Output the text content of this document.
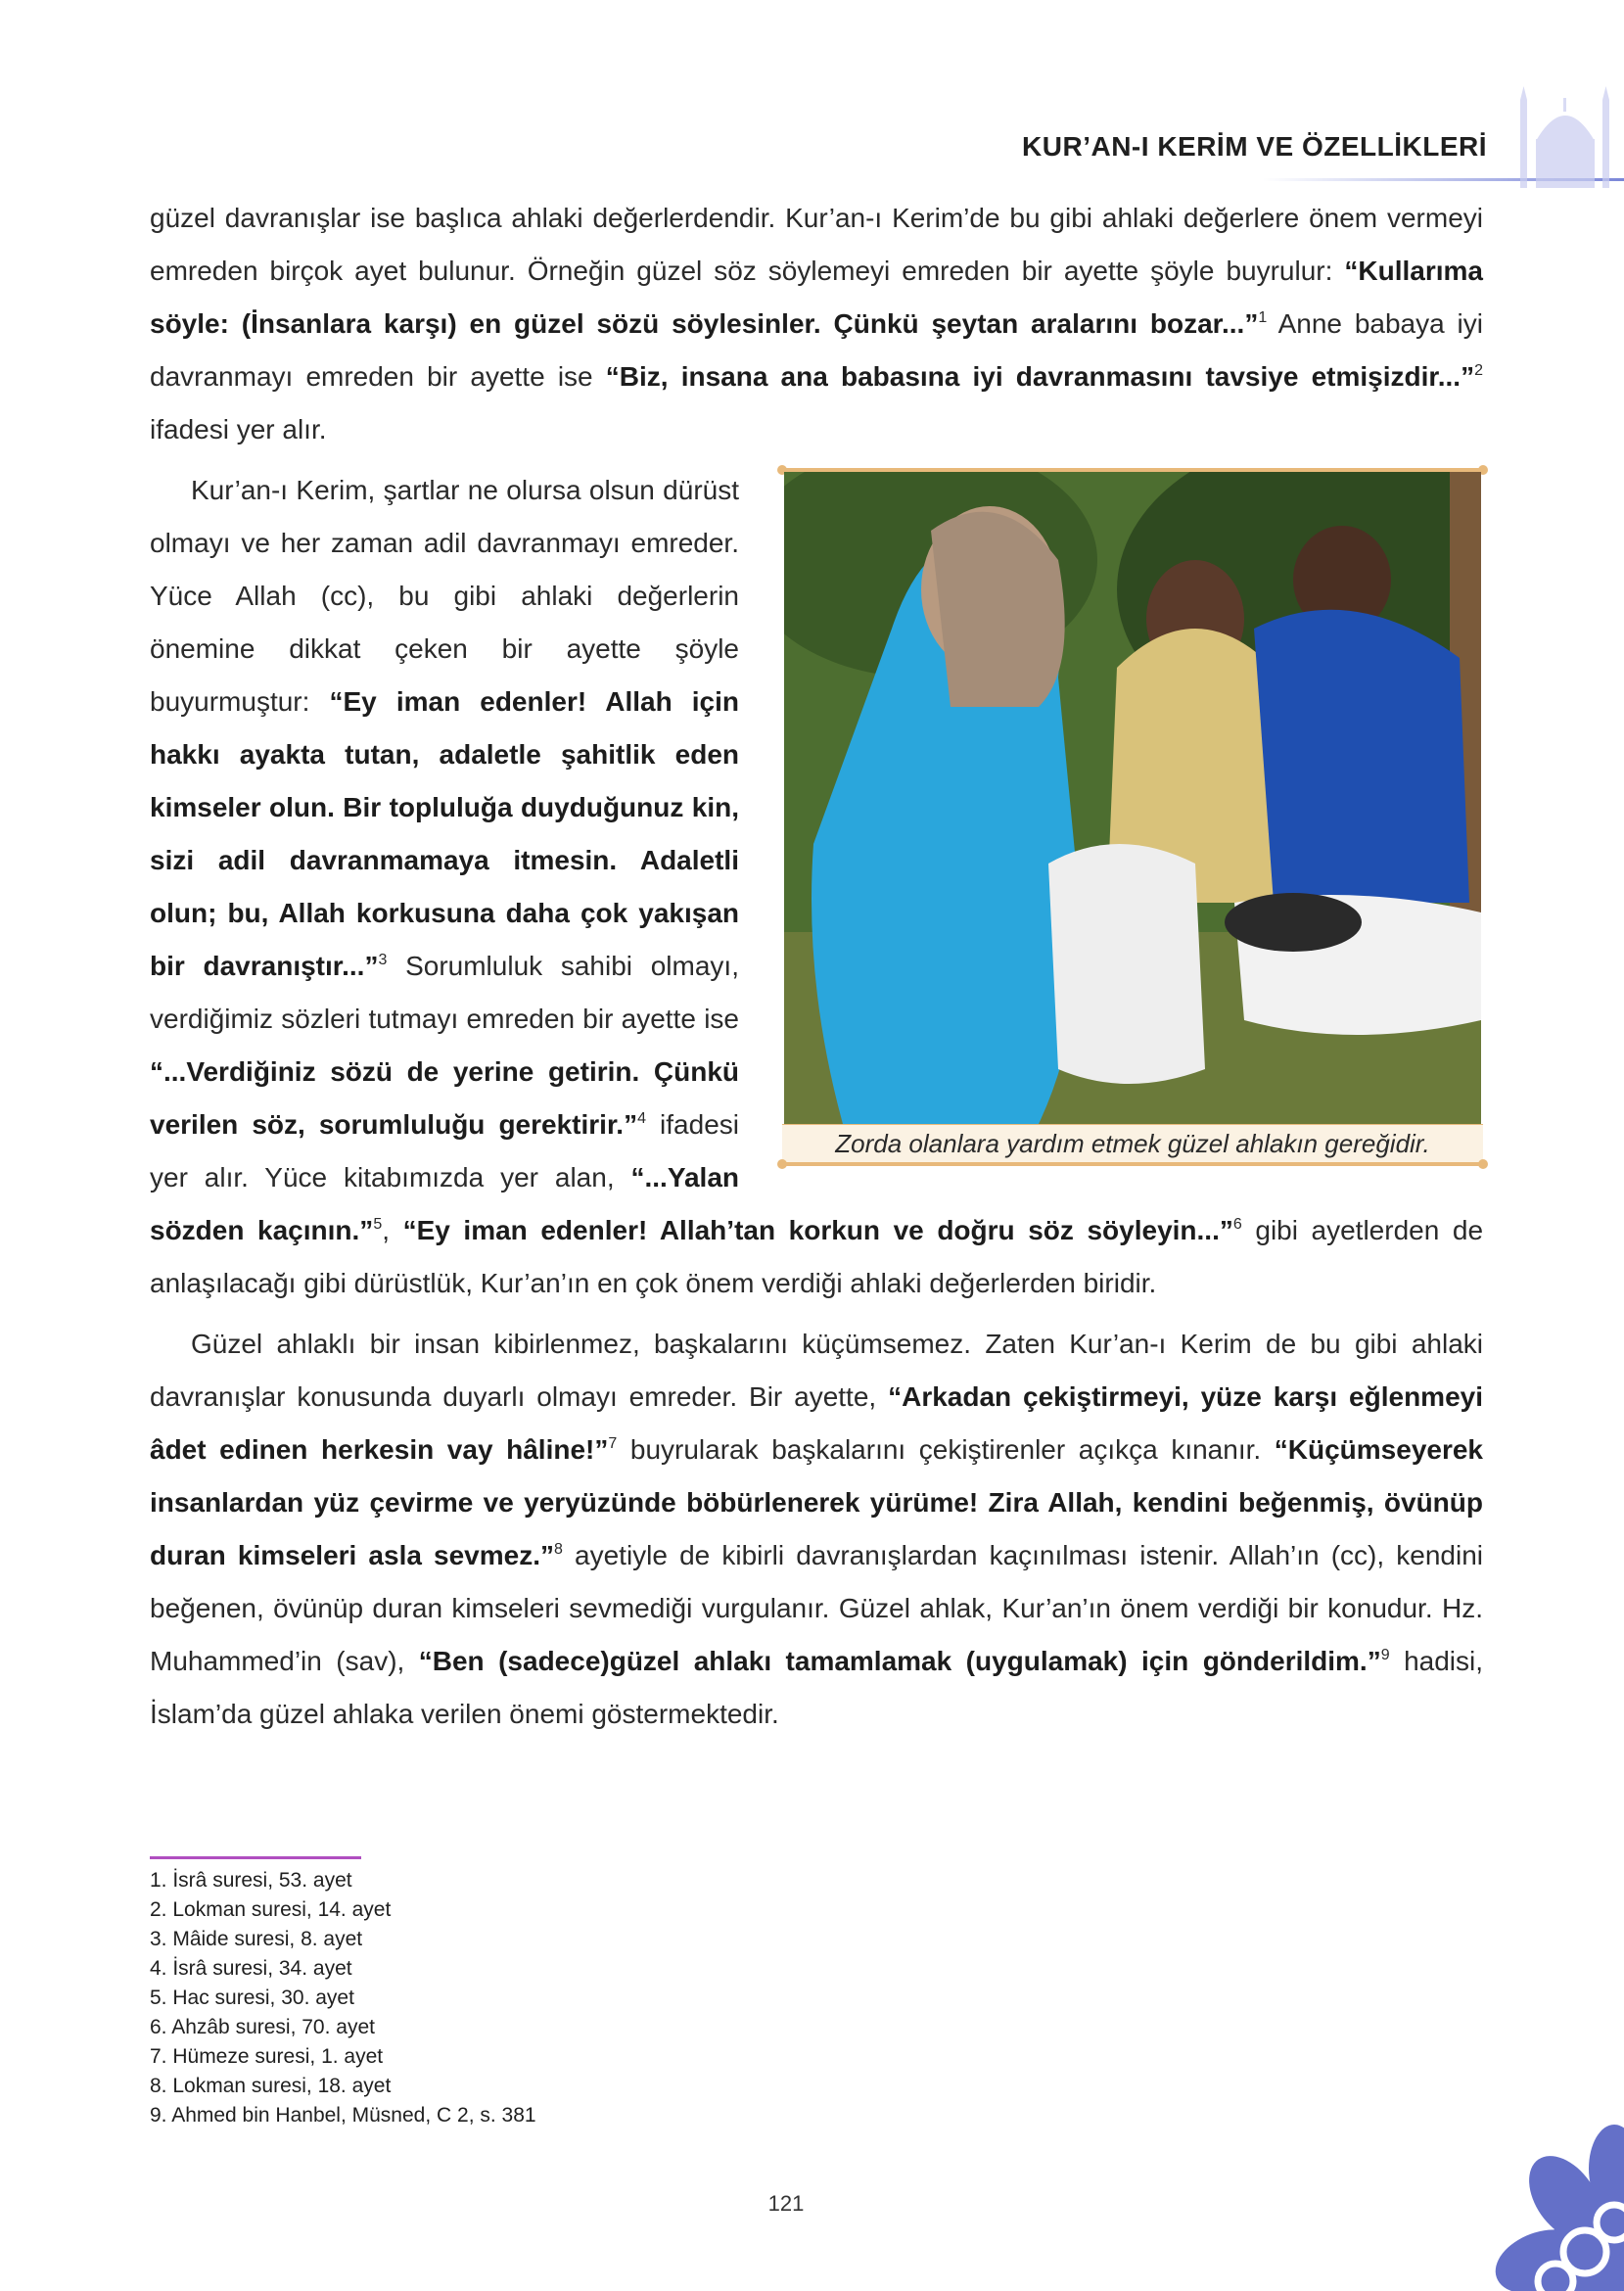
KUR’AN-I KERİM VE ÖZELLİKLERİ

güzel davranışlar ise başlıca ahlaki değerlerdendir. Kur’an-ı Kerim’de bu gibi ahlaki değerlere önem vermeyi emreden birçok ayet bulunur. Örneğin güzel söz söylemeyi emreden bir ayette şöyle buyrulur: “Kullarıma söyle: (İnsanlara karşı) en güzel sözü söylesinler. Çünkü şeytan aralarını bozar...”$^1$ Anne babaya iyi davranmayı emreden bir ayette ise “Biz, insana ana babasına iyi davranmasını tavsiye etmişizdir...”$^2$ ifadesi yer alır.

Zorda olanlara yardım etmek güzel ahlakın gereğidir.

Kur’an-ı Kerim, şartlar ne olursa olsun dürüst olmayı ve her zaman adil davranmayı emreder. Yüce Allah (cc), bu gibi ahlaki değerlerin önemine dikkat çeken bir ayette şöyle buyurmuştur: “Ey iman edenler! Allah için hakkı ayakta tutan, adaletle şahitlik eden kimseler olun. Bir topluluğa duyduğunuz kin, sizi adil davranmamaya itmesin. Adaletli olun; bu, Allah korkusuna daha çok yakışan bir davranıştır...”$^3$ Sorumluluk sahibi olmayı, verdiğimiz sözleri tutmayı emreden bir ayette ise “...Verdiğiniz sözü de yerine getirin. Çünkü verilen söz, sorumluluğu gerektirir.”$^4$ ifadesi yer alır. Yüce kitabımızda yer alan, “...Yalan sözden kaçının.”$^5$, “Ey iman edenler! Allah’tan korkun ve doğru söz söyleyin...”$^6$ gibi ayetlerden de anlaşılacağı gibi dürüstlük, Kur’an’ın en çok önem verdiği ahlaki değerlerden biridir.

Güzel ahlaklı bir insan kibirlenmez, başkalarını küçümsemez. Zaten Kur’an-ı Kerim de bu gibi ahlaki davranışlar konusunda duyarlı olmayı emreder. Bir ayette, “Arkadan çekiştirmeyi, yüze karşı eğlenmeyi âdet edinen herkesin vay hâline!”$^7$ buyrularak başkalarını çekiştirenler açıkça kınanır. “Küçümseyerek insanlardan yüz çevirme ve yeryüzünde böbürlenerek yürüme! Zira Allah, kendini beğenmiş, övünüp duran kimseleri asla sevmez.”$^8$ ayetiyle de kibirli davranışlardan kaçınılması istenir. Allah’ın (cc), kendini beğenen, övünüp duran kimseleri sevmediği vurgulanır. Güzel ahlak, Kur’an’ın önem verdiği bir konudur. Hz. Muhammed’in (sav), “Ben (sadece)güzel ahlakı tamamlamak (uygulamak) için gönderildim.”$^9$ hadisi, İslam’da güzel ahlaka verilen önemi göstermektedir.

1. İsrâ suresi, 53. ayet
2. Lokman suresi, 14. ayet
3. Mâide suresi, 8. ayet
4. İsrâ suresi, 34. ayet
5. Hac suresi, 30. ayet
6. Ahzâb suresi, 70. ayet
7. Hümeze suresi, 1. ayet
8. Lokman suresi, 18. ayet
9. Ahmed bin Hanbel, Müsned, C 2, s. 381
121
